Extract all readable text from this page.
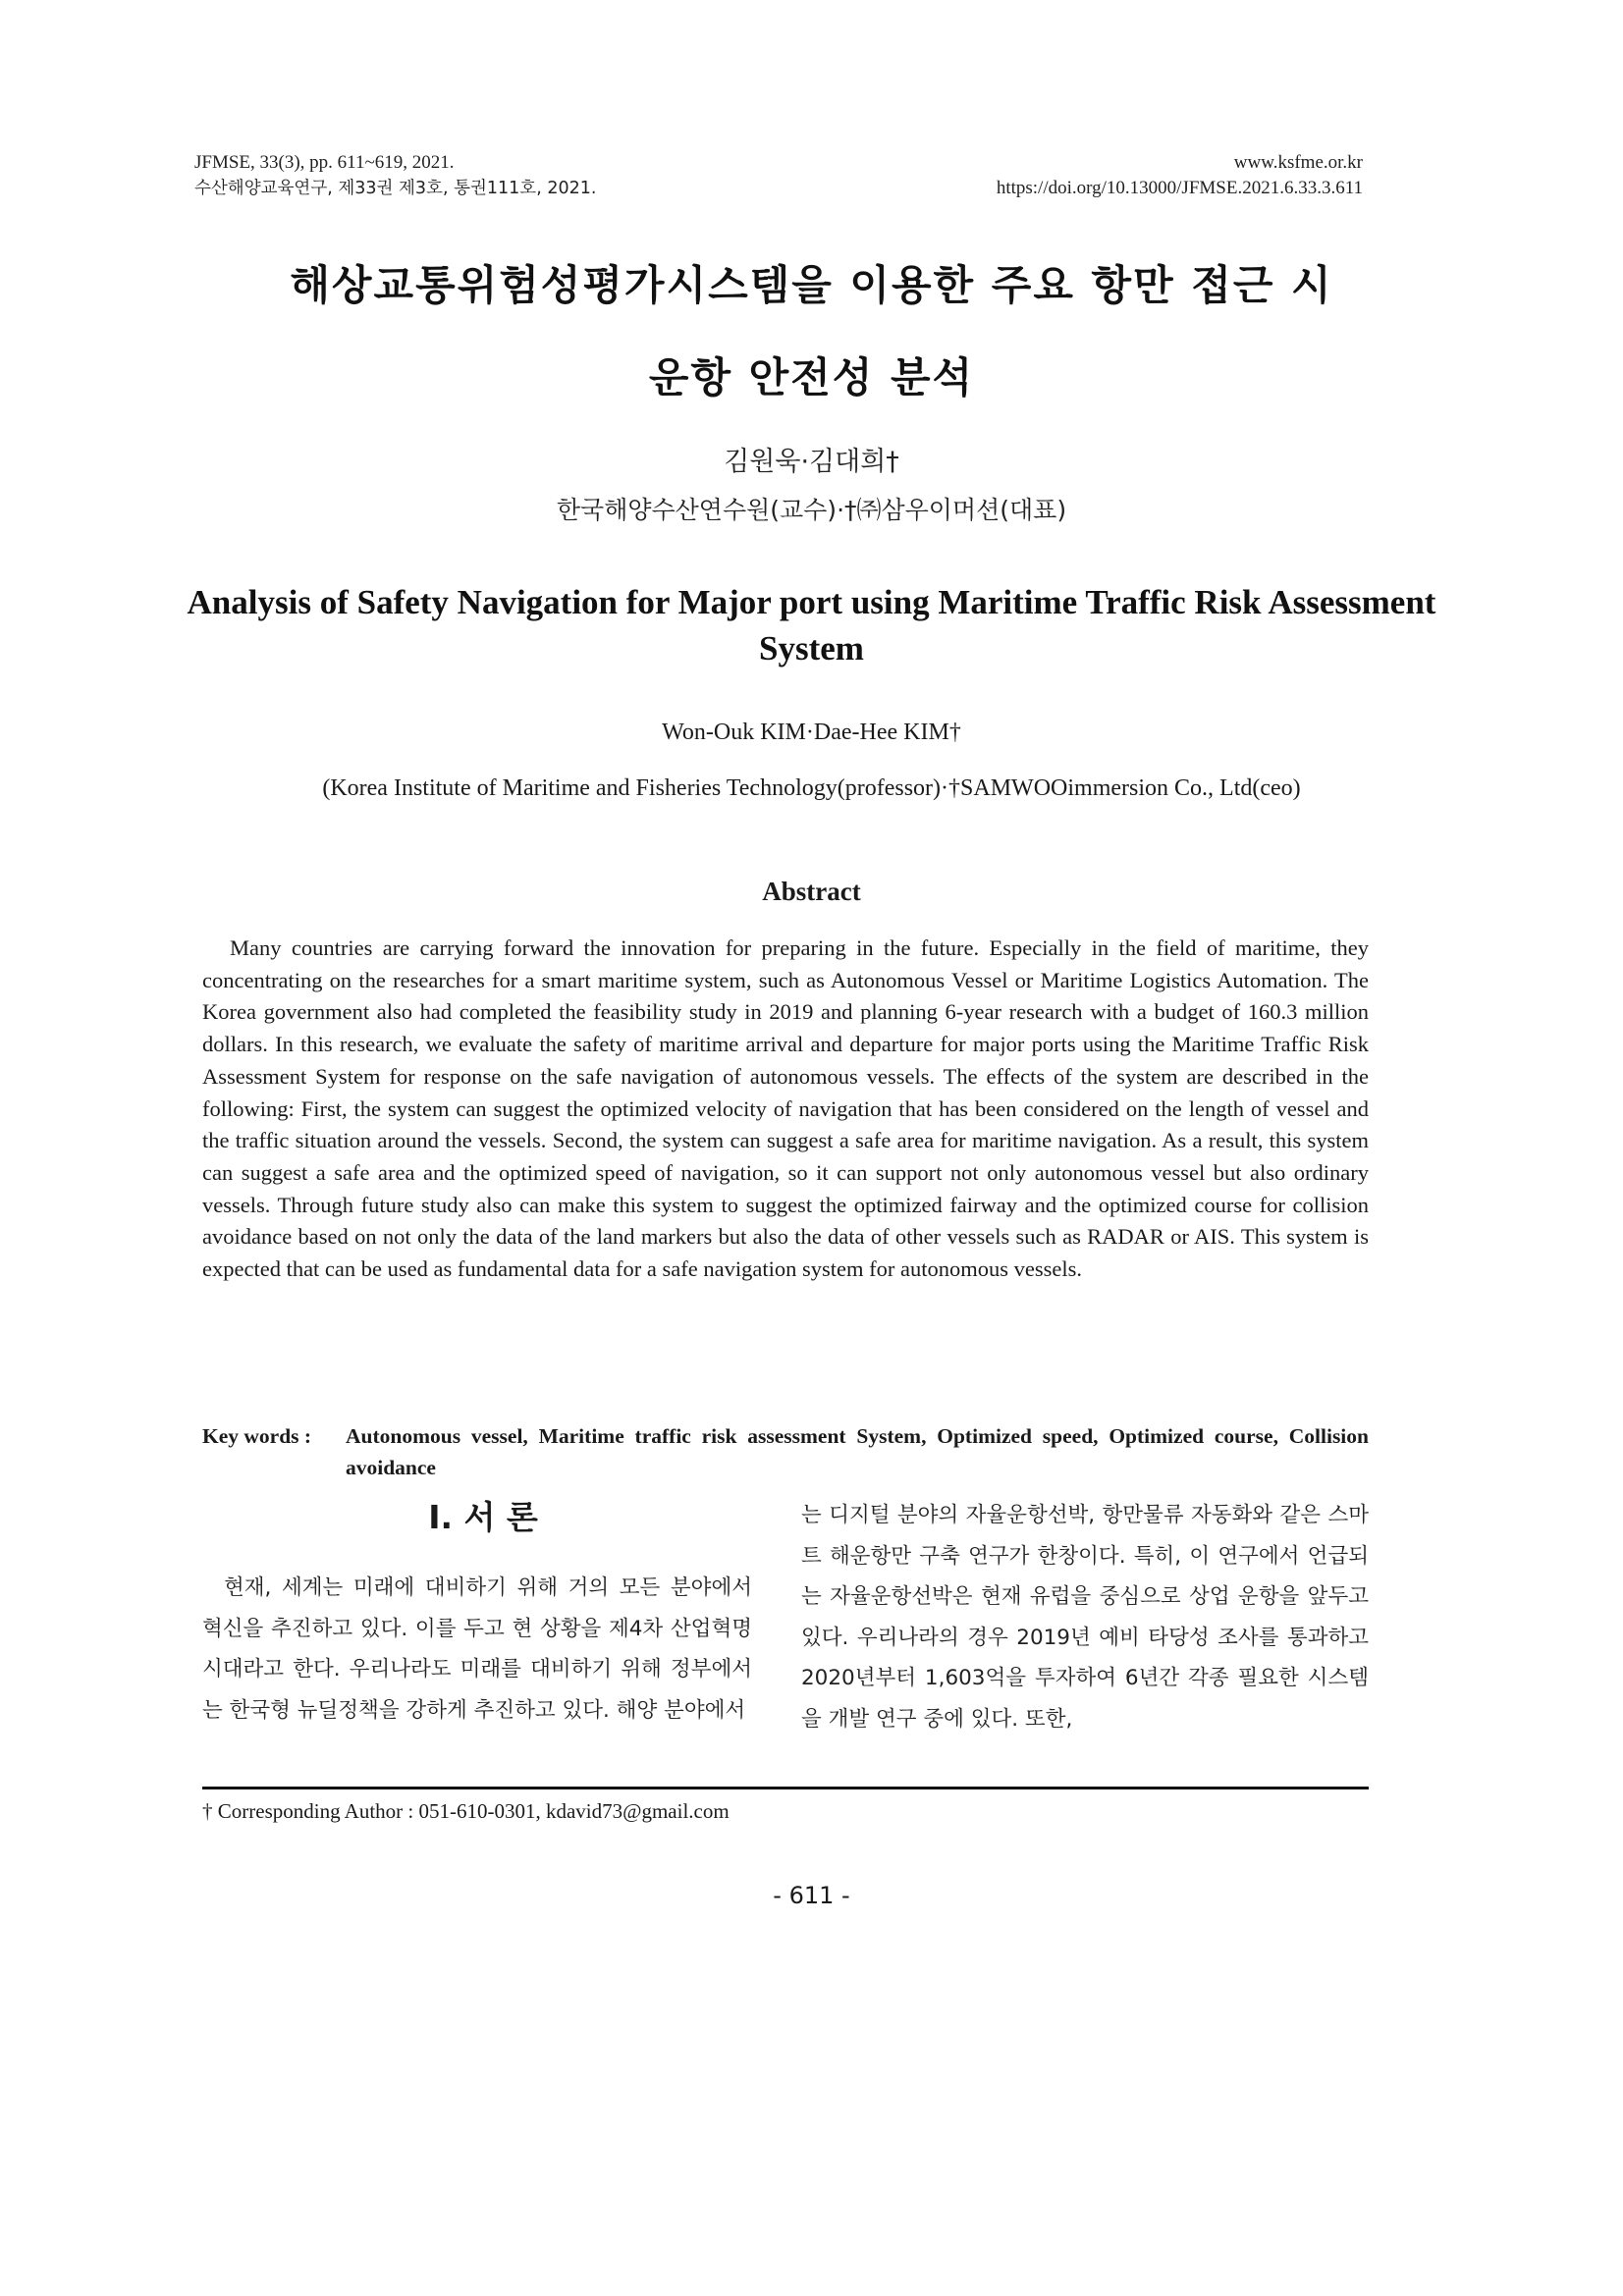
JFMSE, 33(3), pp. 611~619, 2021.
수산해양교육연구, 제33권 제3호, 통권111호, 2021.
www.ksfme.or.kr
https://doi.org/10.13000/JFMSE.2021.6.33.3.611
해상교통위험성평가시스템을 이용한 주요 항만 접근 시
운항 안전성 분석
김원욱·김대희†
한국해양수산연수원(교수)·†㈜삼우이머션(대표)
Analysis of Safety Navigation for Major port using Maritime Traffic Risk Assessment System
Won-Ouk KIM·Dae-Hee KIM†
(Korea Institute of Maritime and Fisheries Technology(professor)·†SAMWOOimmersion Co., Ltd(ceo)
Abstract
Many countries are carrying forward the innovation for preparing in the future. Especially in the field of maritime, they concentrating on the researches for a smart maritime system, such as Autonomous Vessel or Maritime Logistics Automation. The Korea government also had completed the feasibility study in 2019 and planning 6-year research with a budget of 160.3 million dollars. In this research, we evaluate the safety of maritime arrival and departure for major ports using the Maritime Traffic Risk Assessment System for response on the safe navigation of autonomous vessels. The effects of the system are described in the following: First, the system can suggest the optimized velocity of navigation that has been considered on the length of vessel and the traffic situation around the vessels. Second, the system can suggest a safe area for maritime navigation. As a result, this system can suggest a safe area and the optimized speed of navigation, so it can support not only autonomous vessel but also ordinary vessels. Through future study also can make this system to suggest the optimized fairway and the optimized course for collision avoidance based on not only the data of the land markers but also the data of other vessels such as RADAR or AIS. This system is expected that can be used as fundamental data for a safe navigation system for autonomous vessels.
Key words : Autonomous vessel, Maritime traffic risk assessment System, Optimized speed, Optimized course, Collision avoidance
Ⅰ. 서 론
현재, 세계는 미래에 대비하기 위해 거의 모든 분야에서 혁신을 추진하고 있다. 이를 두고 현 상황을 제4차 산업혁명시대라고 한다. 우리나라도 미래를 대비하기 위해 정부에서는 한국형 뉴딜정책을 강하게 추진하고 있다. 해양 분야에서
는 디지털 분야의 자율운항선박, 항만물류 자동화와 같은 스마트 해운항만 구축 연구가 한창이다. 특히, 이 연구에서 언급되는 자율운항선박은 현재 유럽을 중심으로 상업 운항을 앞두고 있다. 우리나라의 경우 2019년 예비 타당성 조사를 통과하고 2020년부터 1,603억을 투자하여 6년간 각종 필요한 시스템을 개발 연구 중에 있다. 또한,
† Corresponding Author : 051-610-0301, kdavid73@gmail.com
- 611 -
